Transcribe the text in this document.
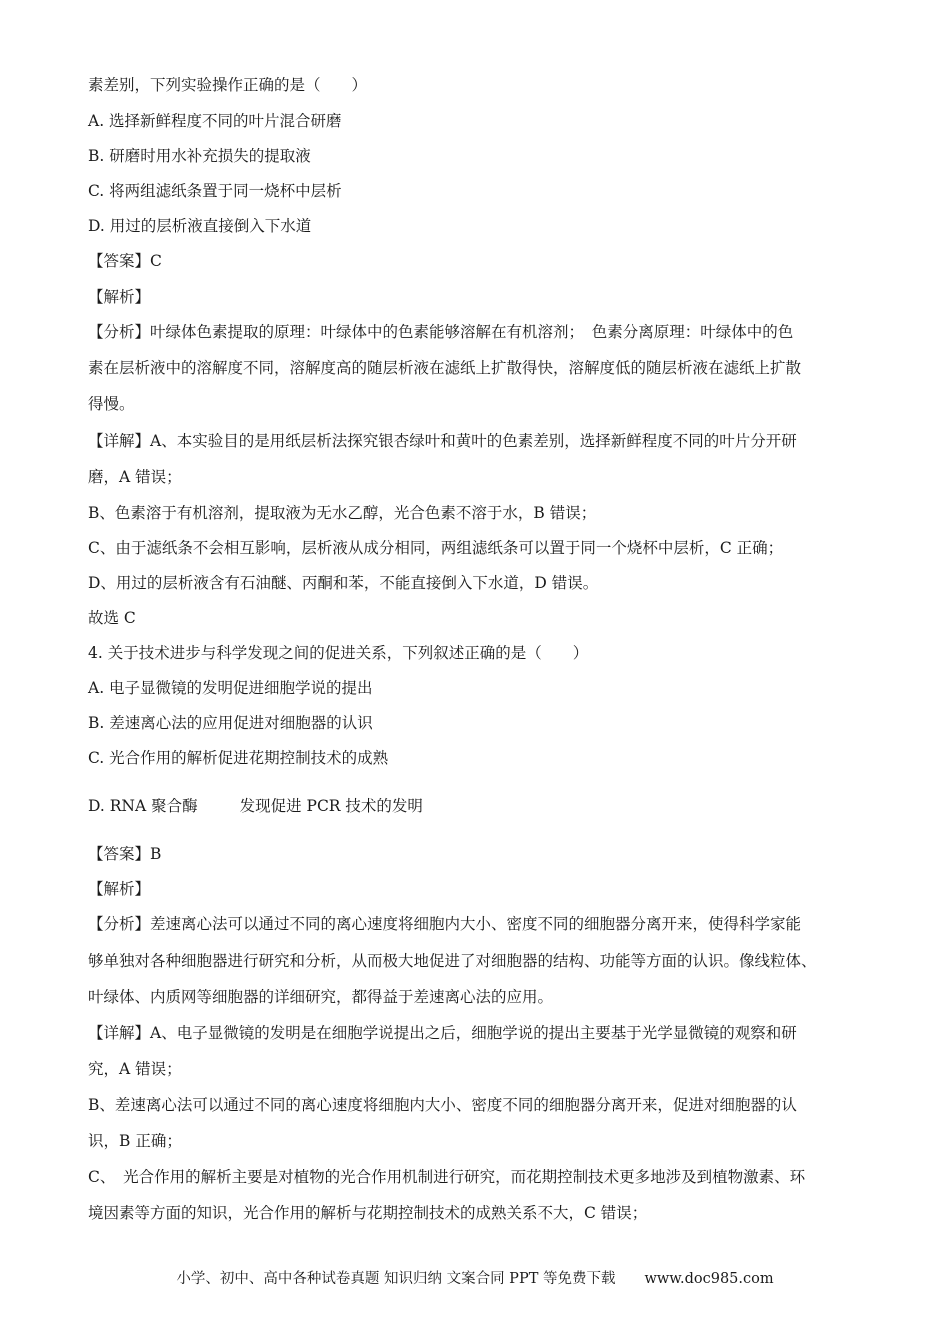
素差别，下列实验操作正确的是（　　）
A. 选择新鲜程度不同的叶片混合研磨
B. 研磨时用水补充损失的提取液
C. 将两组滤纸条置于同一烧杯中层析
D. 用过的层析液直接倒入下水道
【答案】C
【解析】
【分析】叶绿体色素提取的原理：叶绿体中的色素能够溶解在有机溶剂；　色素分离原理：叶绿体中的色
素在层析液中的溶解度不同，溶解度高的随层析液在滤纸上扩散得快，溶解度低的随层析液在滤纸上扩散
得慢。
【详解】A、本实验目的是用纸层析法探究银杏绿叶和黄叶的色素差别，选择新鲜程度不同的叶片分开研
磨，A 错误；
B、色素溶于有机溶剂，提取液为无水乙醇，光合色素不溶于水，B 错误；
C、由于滤纸条不会相互影响，层析液从成分相同，两组滤纸条可以置于同一个烧杯中层析，C 正确；
D、用过的层析液含有石油醚、丙酮和苯，不能直接倒入下水道，D 错误。
故选 C
4. 关于技术进步与科学发现之间的促进关系，下列叙述正确的是（　　）
A. 电子显微镜的发明促进细胞学说的提出
B. 差速离心法的应用促进对细胞器的认识
C. 光合作用的解析促进花期控制技术的成熟
D. RNA 聚合酶	发现促进 PCR 技术的发明
【答案】B
【解析】
【分析】差速离心法可以通过不同的离心速度将细胞内大小、密度不同的细胞器分离开来，使得科学家能
够单独对各种细胞器进行研究和分析，从而极大地促进了对细胞器的结构、功能等方面的认识。像线粒体、
叶绿体、内质网等细胞器的详细研究，都得益于差速离心法的应用。
【详解】A、电子显微镜的发明是在细胞学说提出之后，细胞学说的提出主要基于光学显微镜的观察和研
究，A 错误；
B、差速离心法可以通过不同的离心速度将细胞内大小、密度不同的细胞器分离开来，促进对细胞器的认
识，B 正确；
C、　光合作用的解析主要是对植物的光合作用机制进行研究，而花期控制技术更多地涉及到植物激素、环
境因素等方面的知识，光合作用的解析与花期控制技术的成熟关系不大，C 错误；
小学、初中、高中各种试卷真题 知识归纳 文案合同 PPT 等免费下载　　www.doc985.com
